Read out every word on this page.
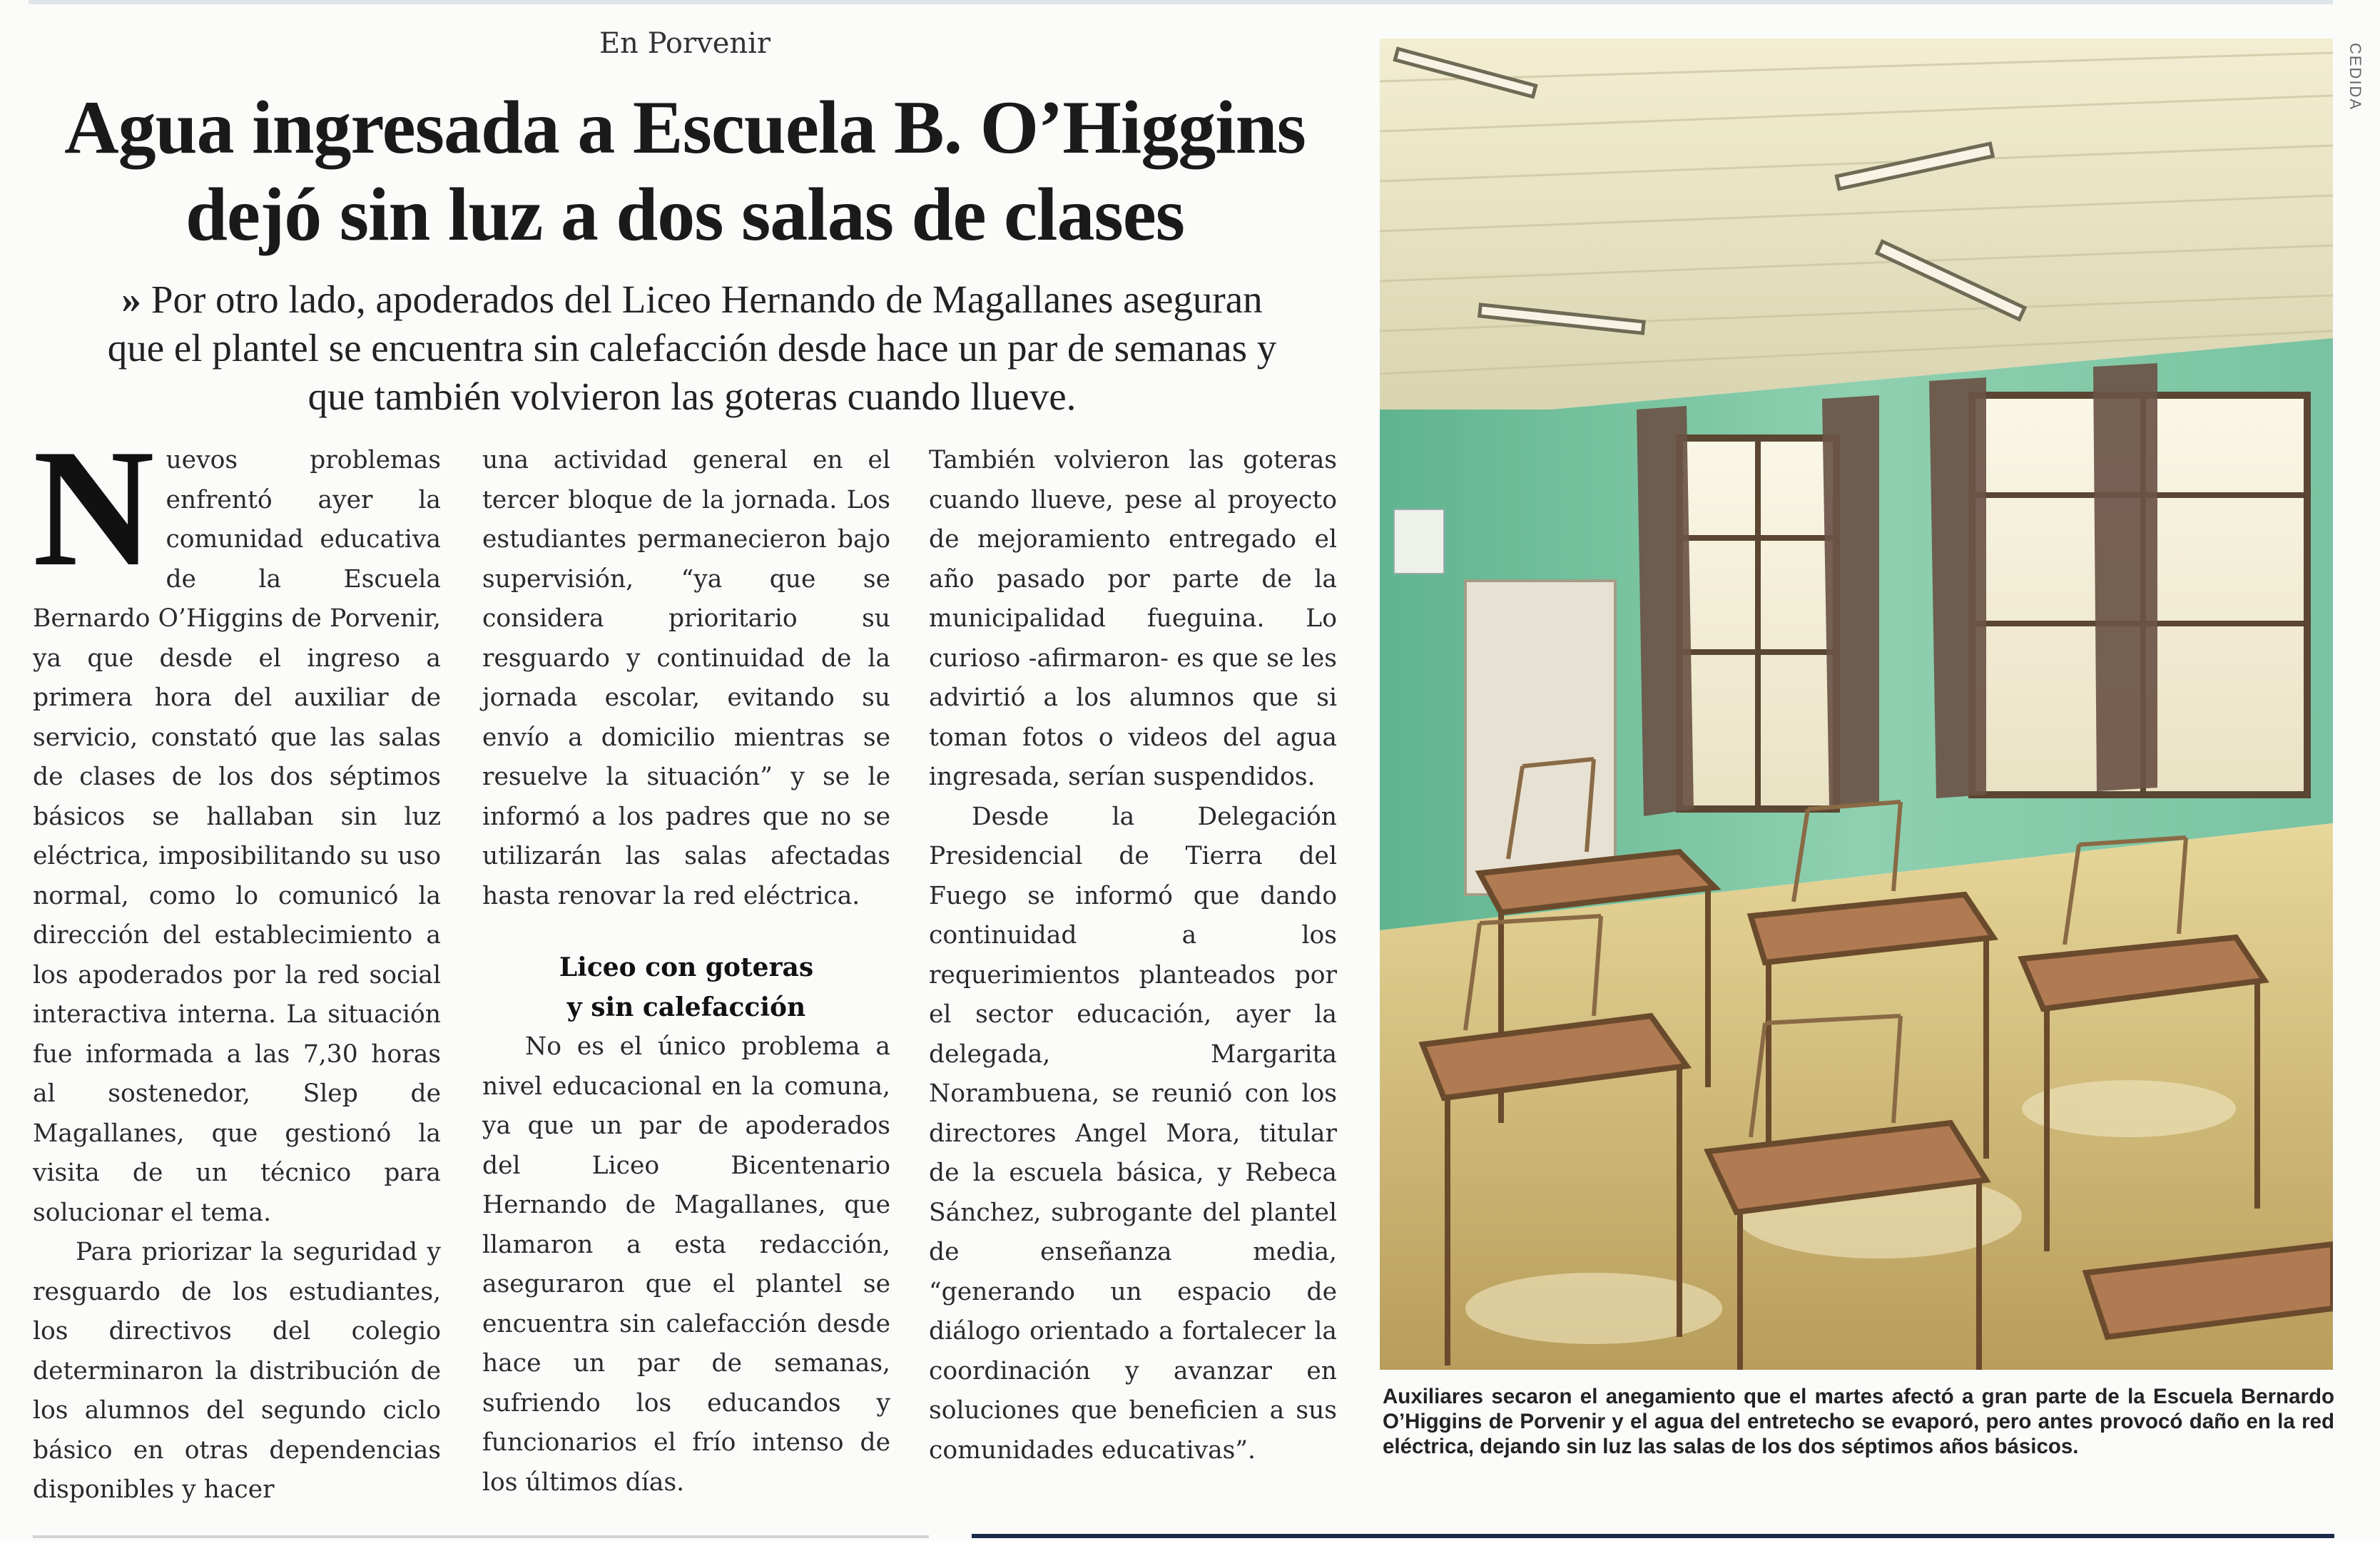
En Porvenir
Agua ingresada a Escuela B. O’Higgins
dejó sin luz a dos salas de clases
» Por otro lado, apoderados del Liceo Hernando de Magallanes aseguran que el plantel se encuentra sin calefacción desde hace un par de semanas y que también volvieron las goteras cuando llueve.

Nuevos problemas enfrentó ayer la comunidad educativa de la Escuela Bernardo O’Higgins de Porvenir, ya que desde el ingreso a primera hora del auxiliar de servicio, constató que las salas de clases de los dos séptimos básicos se hallaban sin luz eléctrica, imposibilitando su uso normal, como lo comunicó la dirección del establecimiento a los apoderados por la red social interactiva interna. La situación fue informada a las 7,30 horas al sostenedor, Slep de Magallanes, que gestionó la visita de un técnico para solucionar el tema.

Para priorizar la seguridad y resguardo de los estudiantes, los directivos del colegio determinaron la distribución de los alumnos del segundo ciclo básico en otras dependencias disponibles y hacer

una actividad general en el tercer bloque de la jornada. Los estudiantes permanecieron bajo supervisión, “ya que se considera prioritario su resguardo y continuidad de la jornada escolar, evitando su envío a domicilio mientras se resuelve la situación” y se le informó a los padres que no se utilizarán las salas afectadas hasta renovar la red eléctrica.

Liceo con goteras
y sin calefacción

No es el único problema a nivel educacional en la comuna, ya que un par de apoderados del Liceo Bicentenario Hernando de Magallanes, que llamaron a esta redacción, aseguraron que el plantel se encuentra sin calefacción desde hace un par de semanas, sufriendo los educandos y funcionarios el frío intenso de los últimos días.

También volvieron las goteras cuando llueve, pese al proyecto de mejoramiento entregado el año pasado por parte de la municipalidad fueguina. Lo curioso -afirmaron- es que se les advirtió a los alumnos que si toman fotos o videos del agua ingresada, serían suspendidos.

Desde la Delegación Presidencial de Tierra del Fuego se informó que dando continuidad a los requerimientos planteados por el sector educación, ayer la delegada, Margarita Norambuena, se reunió con los directores Angel Mora, titular de la escuela básica, y Rebeca Sánchez, subrogante del plantel de enseñanza media, “generando un espacio de diálogo orientado a fortalecer la coordinación y avanzar en soluciones que beneficien a sus comunidades educativas”.

CEDIDA
Auxiliares secaron el anegamiento que el martes afectó a gran parte de la Escuela Bernardo O’Higgins de Porvenir y el agua del entretecho se evaporó, pero antes provocó daño en la red eléctrica, dejando sin luz las salas de los dos séptimos años básicos.
